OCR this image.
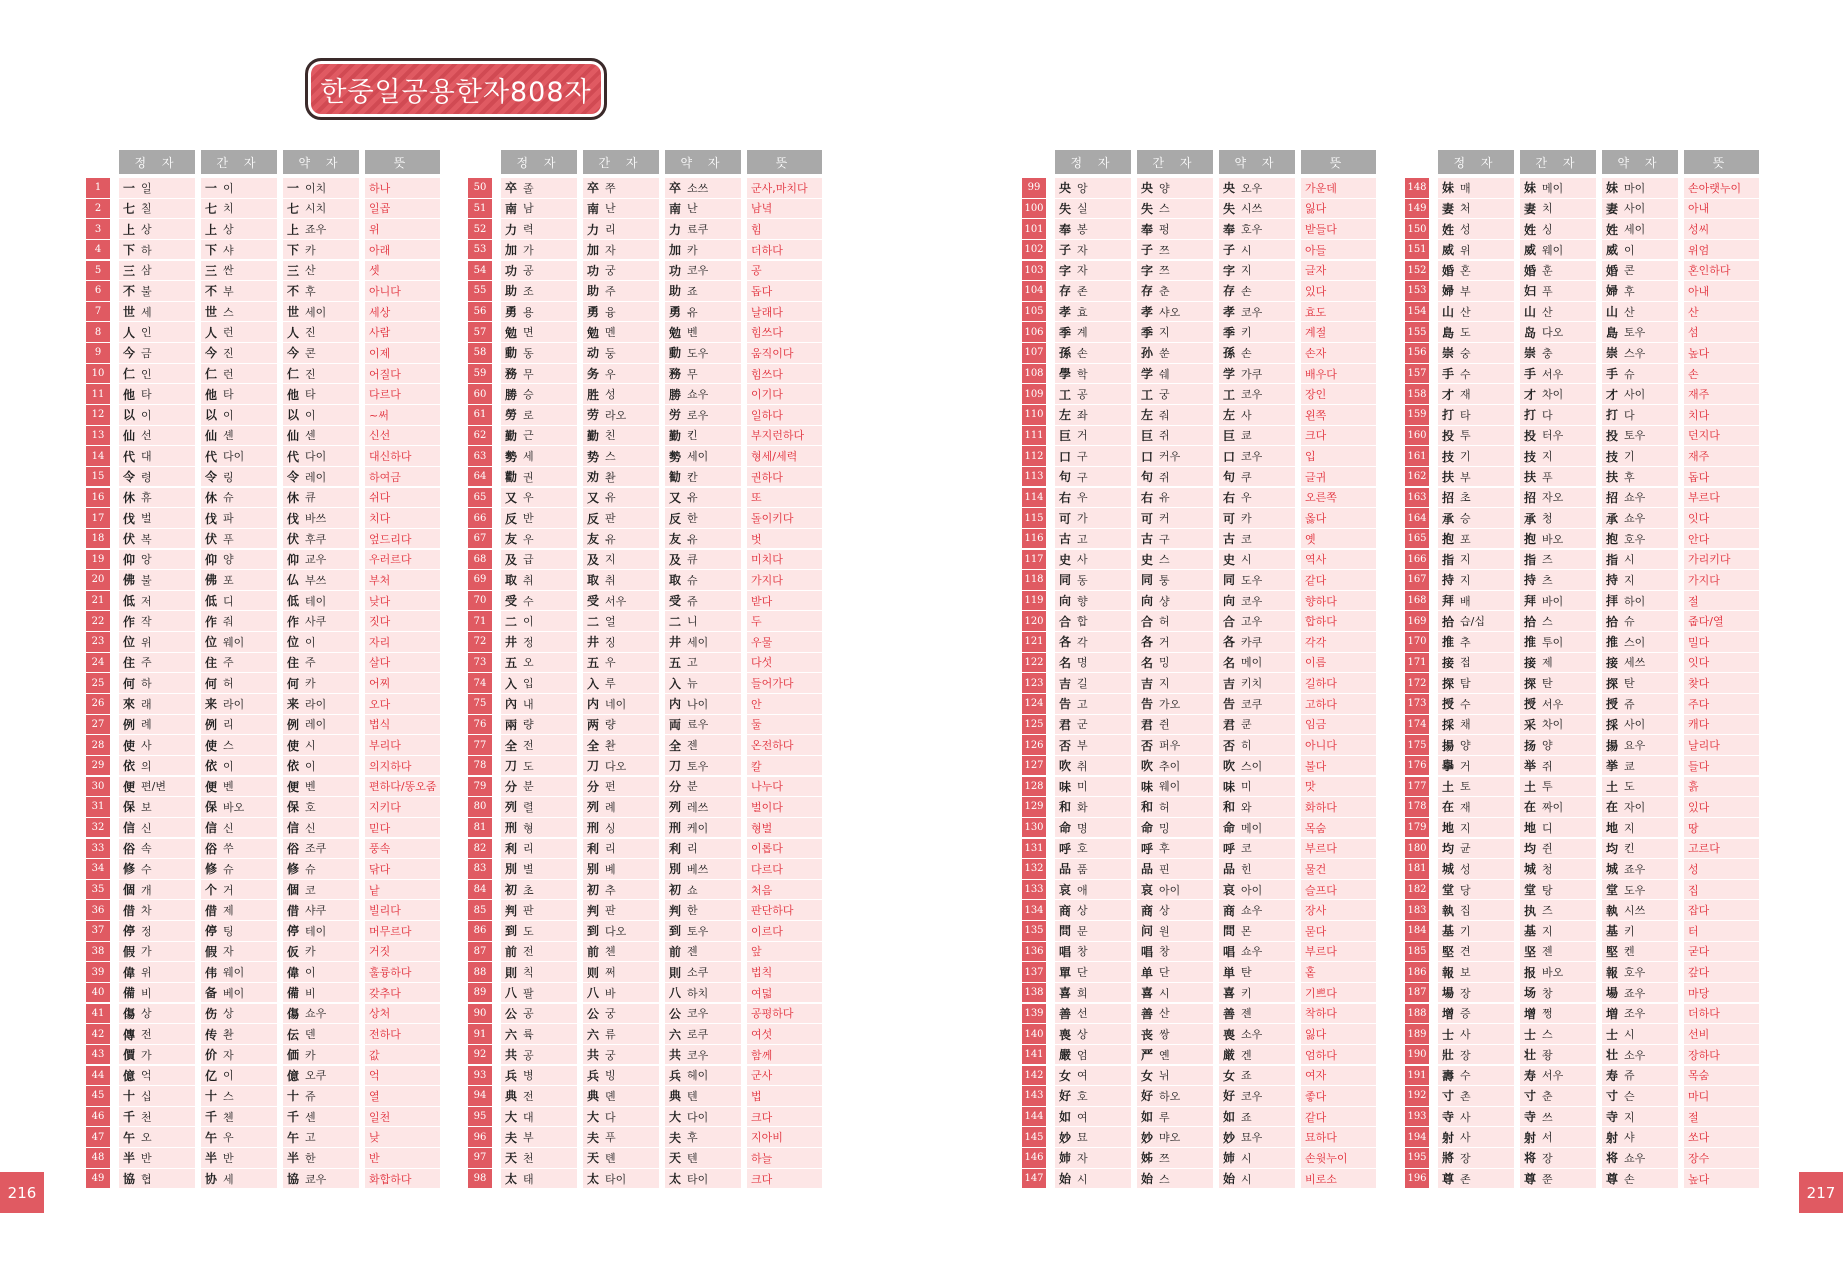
한중일공용한자808자
정 자	간 자	약 자	뜻
1	一 일	一 이	一 이치	하나
2	七 칠	七 치	七 시치	일곱
3	上 상	上 상	上 죠우	위
4	下 하	下 샤	下 카	아래
5	三 삼	三 싼	三 산	셋
6	不 불	不 부	不 후	아니다
7	世 세	世 스	世 세이	세상
8	人 인	人 런	人 진	사람
9	今 금	今 진	今 콘	이제
10	仁 인	仁 런	仁 진	어질다
11	他 타	他 타	他 타	다르다
12	以 이	以 이	以 이	~써
13	仙 선	仙 셴	仙 센	신선
14	代 대	代 다이	代 다이	대신하다
15	令 령	令 링	令 레이	하여금
16	休 휴	休 슈	休 큐	쉬다
17	伐 벌	伐 파	伐 바쓰	치다
18	伏 복	伏 푸	伏 후쿠	엎드리다
19	仰 앙	仰 양	仰 교우	우러르다
20	佛 불	佛 포	仏 부쓰	부처
21	低 저	低 디	低 테이	낮다
22	作 작	作 줘	作 사쿠	짓다
23	位 위	位 웨이	位 이	자리
24	住 주	住 주	住 주	살다
25	何 하	何 허	何 카	어찌
26	來 래	来 라이	来 라이	오다
27	例 례	例 리	例 레이	법식
28	使 사	使 스	使 시	부리다
29	依 의	依 이	依 이	의지하다
30	便 편/변	便 벤	便 벤	편하다/똥오줌
31	保 보	保 바오	保 호	지키다
32	信 신	信 신	信 신	믿다
33	俗 속	俗 쑤	俗 조쿠	풍속
34	修 수	修 슈	修 슈	닦다
35	個 개	个 거	個 코	낱
36	借 차	借 제	借 샤쿠	빌리다
37	停 정	停 팅	停 테이	머무르다
38	假 가	假 자	仮 카	거짓
39	偉 위	伟 웨이	偉 이	훌륭하다
40	備 비	备 베이	備 비	갖추다
41	傷 상	伤 상	傷 쇼우	상처
42	傳 전	传 촨	伝 덴	전하다
43	價 가	价 자	価 카	값
44	億 억	亿 이	億 오쿠	억
45	十 십	十 스	十 쥬	열
46	千 천	千 첸	千 센	일천
47	午 오	午 우	午 고	낮
48	半 반	半 반	半 한	반
49	協 협	协 세	協 쿄우	화합하다
정 자	간 자	약 자	뜻
50	卒 졸	卒 쭈	卒 소쓰	군사,마치다
51	南 남	南 난	南 난	남녘
52	力 력	力 리	力 료쿠	힘
53	加 가	加 자	加 카	더하다
54	功 공	功 궁	功 코우	공
55	助 조	助 주	助 죠	돕다
56	勇 용	勇 융	勇 유	날래다
57	勉 면	勉 멘	勉 벤	힘쓰다
58	動 동	动 둥	動 도우	움직이다
59	務 무	务 우	務 무	힘쓰다
60	勝 승	胜 성	勝 쇼우	이기다
61	勞 로	劳 라오	労 로우	일하다
62	勤 근	勤 친	勤 킨	부지런하다
63	勢 세	势 스	勢 세이	형세/세력
64	勸 권	劝 촨	勧 칸	권하다
65	又 우	又 유	又 유	또
66	反 반	反 판	反 한	돌이키다
67	友 우	友 유	友 유	벗
68	及 급	及 지	及 큐	미치다
69	取 취	取 취	取 슈	가지다
70	受 수	受 서우	受 쥬	받다
71	二 이	二 얼	二 니	두
72	井 정	井 징	井 세이	우물
73	五 오	五 우	五 고	다섯
74	入 입	入 루	入 뉴	들어가다
75	內 내	内 네이	内 나이	안
76	兩 량	两 량	両 료우	둘
77	全 전	全 촨	全 젠	온전하다
78	刀 도	刀 다오	刀 토우	칼
79	分 분	分 펀	分 분	나누다
80	列 렬	列 례	列 레쓰	벌이다
81	刑 형	刑 싱	刑 케이	형벌
82	利 리	利 리	利 리	이롭다
83	別 별	别 볘	別 베쓰	다르다
84	初 초	初 추	初 쇼	처음
85	判 판	判 판	判 한	판단하다
86	到 도	到 다오	到 토우	이르다
87	前 전	前 첸	前 젠	앞
88	則 칙	则 쩌	則 소쿠	법칙
89	八 팔	八 바	八 하치	여덟
90	公 공	公 궁	公 코우	공평하다
91	六 륙	六 류	六 로쿠	여섯
92	共 공	共 궁	共 코우	함께
93	兵 병	兵 빙	兵 헤이	군사
94	典 전	典 뎬	典 텐	법
95	大 대	大 다	大 다이	크다
96	夫 부	夫 푸	夫 후	지아비
97	天 천	天 톈	天 텐	하늘
98	太 태	太 타이	太 타이	크다
정 자	간 자	약 자	뜻
99	央 앙	央 양	央 오우	가운데
100 失 실	失 스	失 시쓰	잃다
101 奉 봉	奉 펑	奉 호우	받들다
102 子 자	子 쯔	子 시	아들
103 字 자	字 쯔	字 지	글자
104 存 존	存 춘	存 손	있다
105 孝 효	孝 샤오	孝 코우	효도
106 季 계	季 지	季 키	계절
107 孫 손	孙 쑨	孫 손	손자
108 學 학	学 쉐	学 가쿠	배우다
109 工 공	工 궁	工 코우	장인
110 左 좌	左 줘	左 사	왼쪽
111 巨 거	巨 쥐	巨 쿄	크다
112 口 구	口 커우	口 코우	입
113 句 구	句 쥐	句 쿠	글귀
114 右 우	右 유	右 우	오른쪽
115 可 가	可 커	可 카	옳다
116 古 고	古 구	古 코	옛
117 史 사	史 스	史 시	역사
118 同 동	同 퉁	同 도우	같다
119 向 향	向 샹	向 코우	향하다
120 合 합	合 허	合 고우	합하다
121 各 각	各 거	各 카쿠	각각
122 名 명	名 밍	名 메이	이름
123 吉 길	吉 지	吉 키치	길하다
124 告 고	告 가오	告 코쿠	고하다
125 君 군	君 쥔	君 쿤	임금
126 否 부	否 퍼우	否 히	아니다
127 吹 취	吹 추이	吹 스이	불다
128 味 미	味 웨이	味 미	맛
129 和 화	和 허	和 와	화하다
130 命 명	命 밍	命 메이	목숨
131 呼 호	呼 후	呼 코	부르다
132 品 품	品 핀	品 힌	물건
133 哀 애	哀 아이	哀 아이	슬프다
134 商 상	商 상	商 쇼우	장사
135 問 문	问 원	問 몬	묻다
136 唱 창	唱 창	唱 쇼우	부르다
137 單 단	单 단	単 탄	홑
138 喜 희	喜 시	喜 키	기쁘다
139 善 선	善 산	善 젠	착하다
140 喪 상	丧 쌍	喪 소우	잃다
141 嚴 엄	严 옌	厳 겐	엄하다
142 女 여	女 뉘	女 죠	여자
143 好 호	好 하오	好 코우	좋다
144 如 여	如 루	如 죠	같다
145 妙 묘	妙 먀오	妙 묘우	묘하다
146 姉 자	姊 쯔	姉 시	손윗누이
147 始 시	始 스	始 시	비로소
정 자	간 자	약 자	뜻
148 妹 매	妹 메이	妹 마이	손아랫누이
149 妻 처	妻 치	妻 사이	아내
150 姓 성	姓 싱	姓 세이	성씨
151 威 위	威 웨이	威 이	위엄
152 婚 혼	婚 훈	婚 콘	혼인하다
153 婦 부	妇 푸	婦 후	아내
154 山 산	山 산	山 산	산
155 島 도	岛 다오	島 토우	섬
156 崇 숭	崇 충	崇 스우	높다
157 手 수	手 서우	手 슈	손
158 才 재	才 차이	才 사이	재주
159 打 타	打 다	打 다	치다
160 投 투	投 터우	投 토우	던지다
161 技 기	技 지	技 기	재주
162 扶 부	扶 푸	扶 후	돕다
163 招 초	招 자오	招 쇼우	부르다
164 承 승	承 청	承 쇼우	잇다
165 抱 포	抱 바오	抱 호우	안다
166 指 지	指 즈	指 시	가리키다
167 持 지	持 츠	持 지	가지다
168 拜 배	拜 바이	拝 하이	절
169 拾 습/십	拾 스	拾 슈	줍다/열
170 推 추	推 투이	推 스이	밀다
171 接 접	接 제	接 세쓰	잇다
172 探 탐	探 탄	探 탄	찾다
173 授 수	授 서우	授 쥬	주다
174 採 채	采 차이	採 사이	캐다
175 揚 양	扬 양	揚 요우	날리다
176 擧 거	举 쥐	挙 쿄	들다
177 土 토	土 투	土 도	흙
178 在 재	在 짜이	在 자이	있다
179 地 지	地 디	地 지	땅
180 均 균	均 쥔	均 킨	고르다
181 城 성	城 청	城 죠우	성
182 堂 당	堂 탕	堂 도우	집
183 執 집	执 즈	執 시쓰	잡다
184 基 기	基 지	基 키	터
185 堅 견	坚 젠	堅 켄	굳다
186 報 보	报 바오	報 호우	갚다
187 場 장	场 창	場 죠우	마당
188 增 증	增 쩡	増 조우	더하다
189 士 사	士 스	士 시	선비
190 壯 장	壮 좡	壮 소우	장하다
191 壽 수	寿 서우	寿 쥬	목숨
192 寸 촌	寸 춘	寸 슨	마디
193 寺 사	寺 쓰	寺 지	절
194 射 사	射 서	射 샤	쏘다
195 將 장	将 장	将 쇼우	장수
196 尊 존	尊 쭌	尊 손	높다
216	217
